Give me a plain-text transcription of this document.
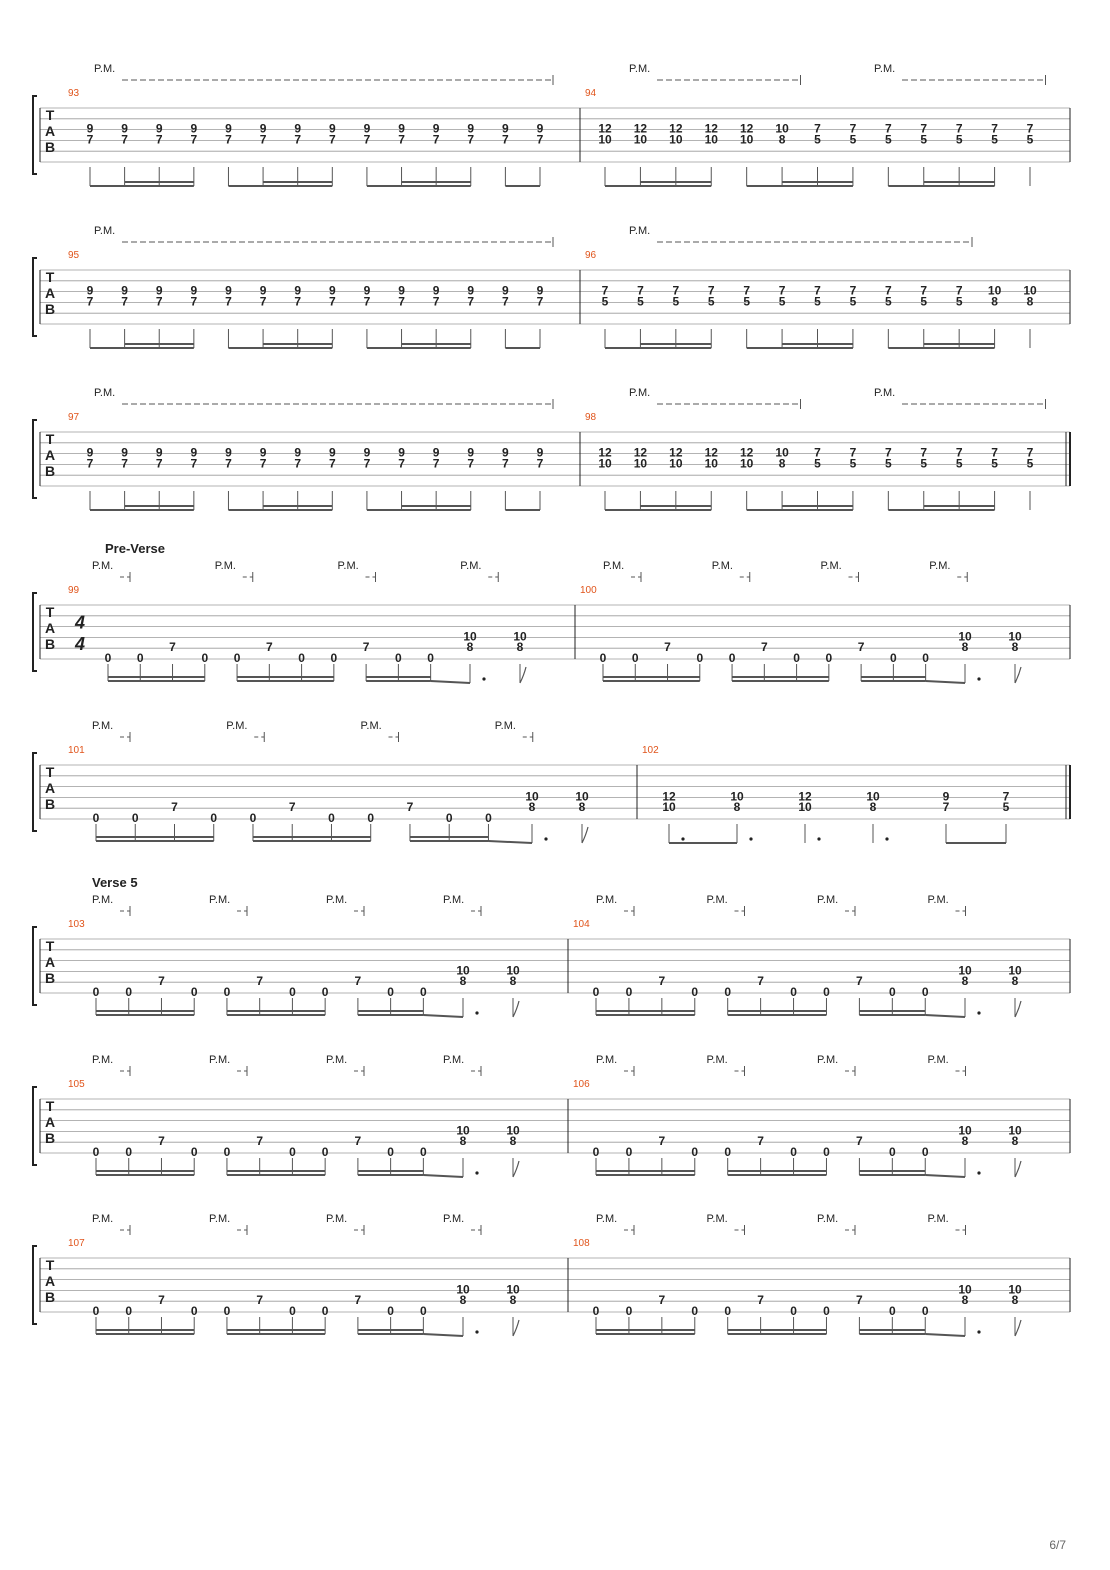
T
A
B
93
9
7
9
7
9
7
9
7
9
7
9
7
9
7
9
7
9
7
9
7
9
7
9
7
9
7
9
7
P.M.
94
12
10
12
10
12
10
12
10
12
10
10
8
7
5
7
5
7
5
7
5
7
5
7
5
7
5
P.M.	P.M.
T
A
B
95
9
7
9
7
9
7
9
7
9
7
9
7
9
7
9
7
9
7
9
7
9
7
9
7
9
7
9
7
P.M.
96
7
5
7
5
7
5
7
5
7
5
7
5
7
5
7
5
7
5
7
5
7
5
10
8
10
8
P.M.
T
A
B
97
9
7
9
7
9
7
9
7
9
7
9
7
9
7
9
7
9
7
9
7
9
7
9
7
9
7
9
7
P.M.
98
12
10
12
10
12
10
12
10
12
10
10
8
7
5
7
5
7
5
7
5
7
5
7
5
7
5
P.M.	P.M.
T
A
B
Pre-Verse
99
4
4
0 0
7
0 0
7
0 0
7
0 0
10
8
10
8
P.M.	P.M.	P.M.	P.M.
100
0 0
7
0 0
7
0 0
7
0 0
10
8
10
8
P.M.	P.M.	P.M.	P.M.
T
A
B
101
0	0
7
0	0
7
0	0
7
0	0
10
8
10
8
P.M.	P.M.	P.M.	P.M.
102
12
10
10
8
12
10
10
8
9
7
7
5
T
A
B
Verse 5
103
0 0
7
0 0
7
0 0
7
0 0
10
8
10
8
P.M.	P.M.	P.M.	P.M.
104
0 0
7
0 0
7
0 0
7
0 0
10
8
10
8
P.M.	P.M.	P.M.	P.M.
T
A
B
105
0 0
7
0 0
7
0 0
7
0 0
10
8
10
8
P.M.	P.M.	P.M.	P.M.
106
0 0
7
0 0
7
0 0
7
0 0
10
8
10
8
P.M.	P.M.	P.M.	P.M.
T
A
B
107
0 0
7
0 0
7
0 0
7
0 0
10
8
10
8
P.M.	P.M.	P.M.	P.M.
108
0 0
7
0 0
7
0 0
7
0 0
10
8
10
8
P.M.	P.M.	P.M.	P.M.
6/7
